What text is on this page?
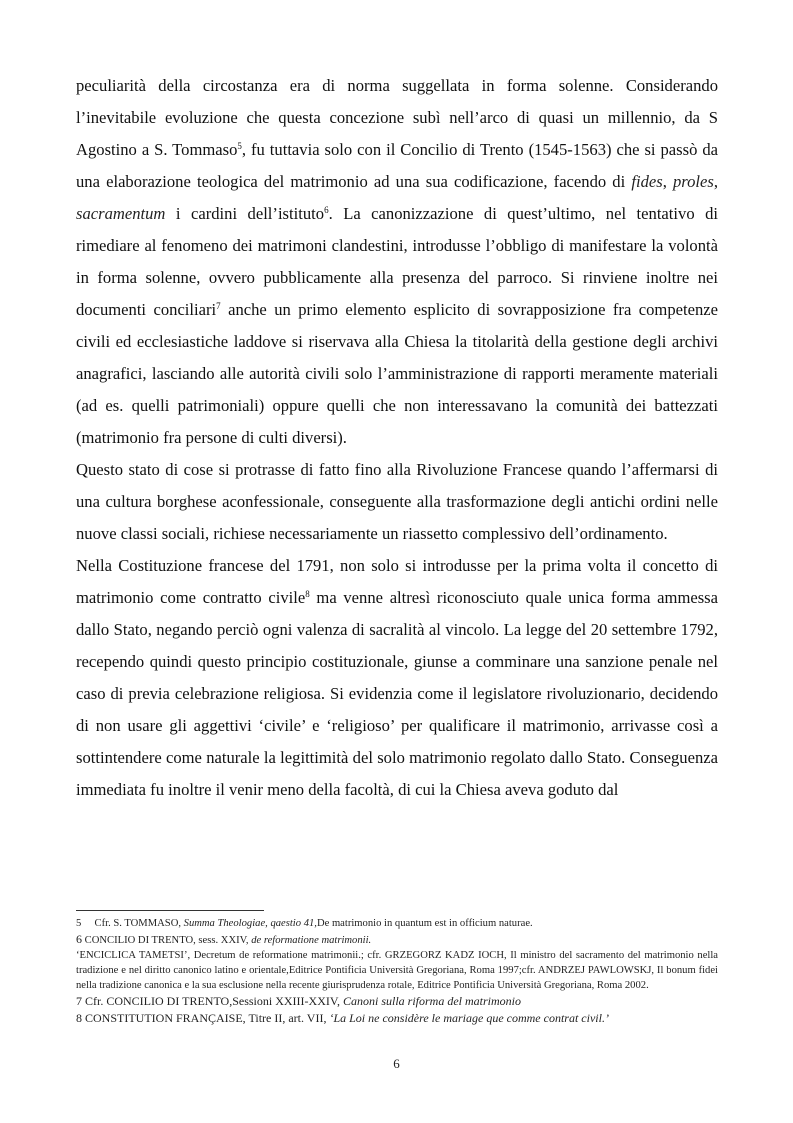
peculiarità della circostanza era di norma suggellata in forma solenne. Considerando l’inevitabile evoluzione che questa concezione subì nell’arco di quasi un millennio, da S Agostino a S. Tommaso$^5$, fu tuttavia solo con il Concilio di Trento (1545-1563) che si passò da una elaborazione teologica del matrimonio ad una sua codificazione, facendo di fides, proles, sacramentum i cardini dell’istituto$^6$. La canonizzazione di quest’ultimo, nel tentativo di rimediare al fenomeno dei matrimoni clandestini, introdusse l’obbligo di manifestare la volontà in forma solenne, ovvero pubblicamente alla presenza del parroco. Si rinviene inoltre nei documenti conciliari$^7$ anche un primo elemento esplicito di sovrapposizione fra competenze civili ed ecclesiastiche laddove si riservava alla Chiesa la titolarità della gestione degli archivi anagrafici, lasciando alle autorità civili solo l’amministrazione di rapporti meramente materiali (ad es. quelli patrimoniali) oppure quelli che non interessavano la comunità dei battezzati (matrimonio fra persone di culti diversi).

Questo stato di cose si protrasse di fatto fino alla Rivoluzione Francese quando l’affermarsi di una cultura borghese aconfessionale, conseguente alla trasformazione degli antichi ordini nelle nuove classi sociali, richiese necessariamente un riassetto complessivo dell’ordinamento.

Nella Costituzione francese del 1791, non solo si introdusse per la prima volta il concetto di matrimonio come contratto civile$^8$ ma venne altresì riconosciuto quale unica forma ammessa dallo Stato, negando perciò ogni valenza di sacralità al vincolo. La legge del 20 settembre 1792, recependo quindi questo principio costituzionale, giunse a comminare una sanzione penale nel caso di previa celebrazione religiosa. Si evidenzia come il legislatore rivoluzionario, decidendo di non usare gli aggettivi ‘civile’ e ‘religioso’ per qualificare il matrimonio, arrivasse così a sottintendere come naturale la legittimità del solo matrimonio regolato dallo Stato. Conseguenza immediata fu inoltre il venir meno della facoltà, di cui la Chiesa aveva goduto dal

5 Cfr. S. TOMMASO, Summa Theologiae, qaestio 41,De matrimonio in quantum est in officium naturae.
6 CONCILIO DI TRENTO, sess. XXIV, de reformatione matrimonii.
‘ENCICLICA TAMETSI’, Decretum de reformatione matrimonii.; cfr. GRZEGORZ KADZ IOCH, Il ministro del sacramento del matrimonio nella tradizione e nel diritto canonico latino e orientale,Editrice Pontificia Università Gregoriana, Roma 1997;cfr. ANDRZEJ PAWLOWSKJ, Il bonum fidei nella tradizione canonica e la sua esclusione nella recente giurisprudenza rotale, Editrice Pontificia Università Gregoriana, Roma 2002.
7 Cfr. CONCILIO DI TRENTO,Sessioni XXIII-XXIV, Canoni sulla riforma del matrimonio
8 CONSTITUTION FRANÇAISE, Titre II, art. VII, ‘La Loi ne considère le mariage que comme contrat civil.’
6
